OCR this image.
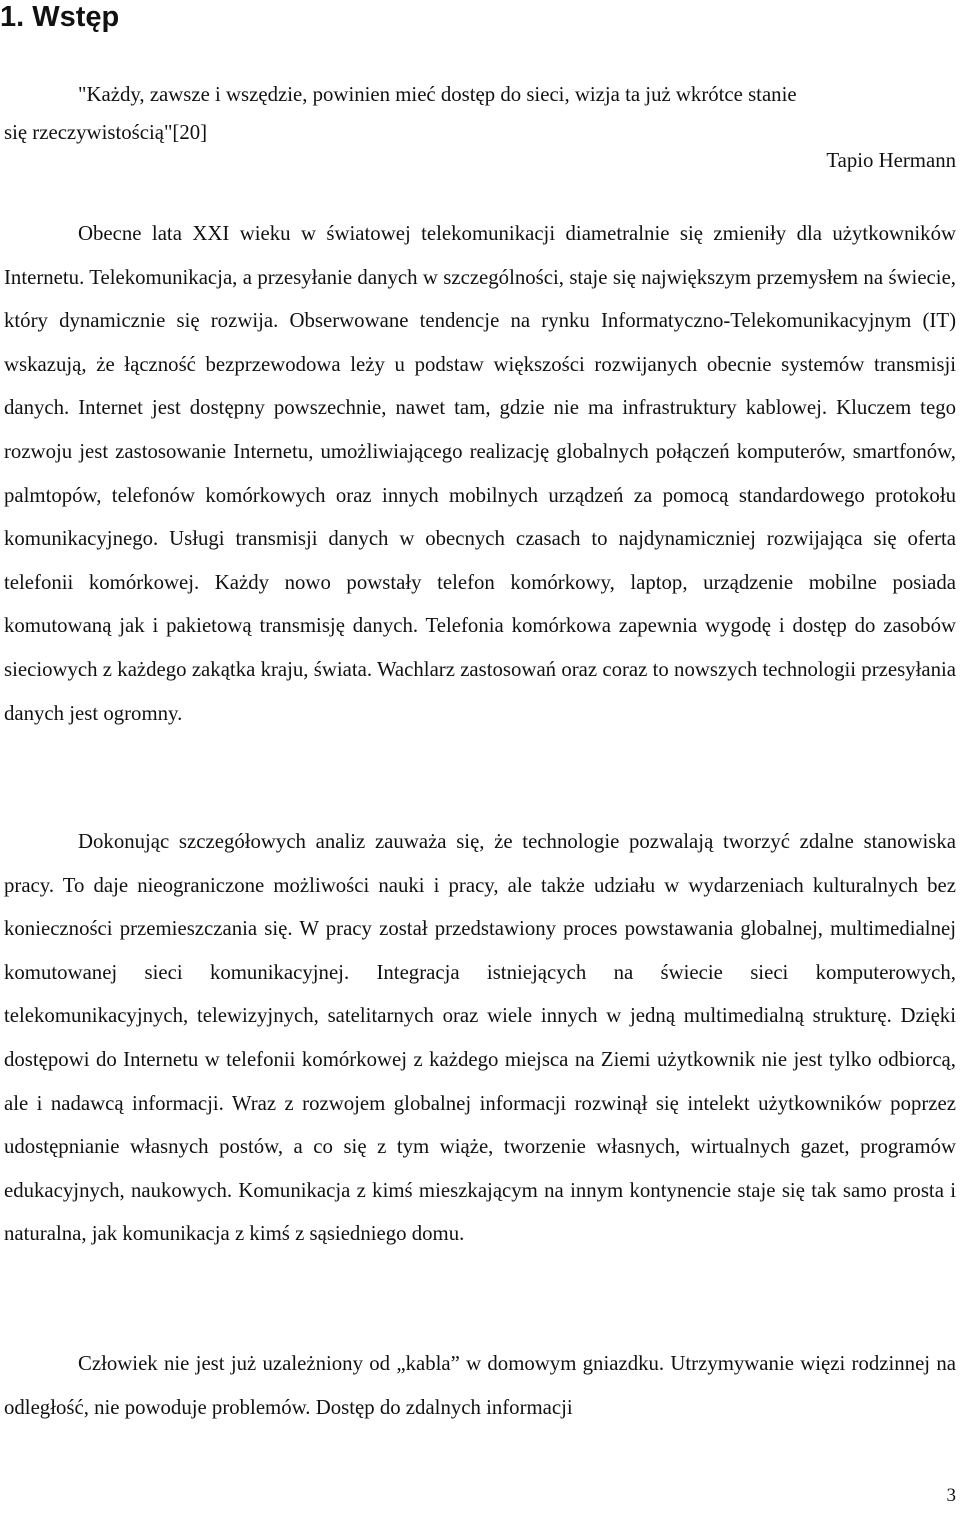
1. Wstęp

"Każdy, zawsze i wszędzie, powinien mieć dostęp do sieci, wizja ta już wkrótce stanie

się rzeczywistością"[20]

Tapio Hermann

Obecne lata XXI wieku w światowej telekomunikacji diametralnie się zmieniły dla użytkowników Internetu. Telekomunikacja, a przesyłanie danych w szczególności, staje się największym przemysłem na świecie, który dynamicznie się rozwija. Obserwowane tendencje na rynku Informatyczno-Telekomunikacyjnym (IT) wskazują, że łączność bezprzewodowa leży u podstaw większości rozwijanych obecnie systemów transmisji danych. Internet jest dostępny powszechnie, nawet tam, gdzie nie ma infrastruktury kablowej. Kluczem tego rozwoju jest zastosowanie Internetu, umożliwiającego realizację globalnych połączeń komputerów, smartfonów, palmtopów, telefonów komórkowych oraz innych mobilnych urządzeń za pomocą standardowego protokołu komunikacyjnego. Usługi transmisji danych w obecnych czasach to najdynamiczniej rozwijająca się oferta telefonii komórkowej. Każdy nowo powstały telefon komórkowy, laptop, urządzenie mobilne posiada komutowaną jak i pakietową transmisję danych. Telefonia komórkowa zapewnia wygodę i dostęp do zasobów sieciowych z każdego zakątka kraju, świata. Wachlarz zastosowań oraz coraz to nowszych technologii przesyłania danych jest ogromny.

Dokonując szczegółowych analiz zauważa się, że technologie pozwalają tworzyć zdalne stanowiska pracy. To daje nieograniczone możliwości nauki i pracy, ale także udziału w wydarzeniach kulturalnych bez konieczności przemieszczania się. W pracy został przedstawiony proces powstawania globalnej, multimedialnej komutowanej sieci komunikacyjnej. Integracja istniejących na świecie sieci komputerowych, telekomunikacyjnych, telewizyjnych, satelitarnych oraz wiele innych w jedną multimedialną strukturę. Dzięki dostępowi do Internetu w telefonii komórkowej z każdego miejsca na Ziemi użytkownik nie jest tylko odbiorcą, ale i nadawcą informacji. Wraz z rozwojem globalnej informacji rozwinął się intelekt użytkowników poprzez udostępnianie własnych postów, a co się z tym wiąże, tworzenie własnych, wirtualnych gazet, programów edukacyjnych, naukowych. Komunikacja z kimś mieszkającym na innym kontynencie staje się tak samo prosta i naturalna, jak komunikacja z kimś z sąsiedniego domu.

Człowiek nie jest już uzależniony od „kabla” w domowym gniazdku. Utrzymywanie więzi rodzinnej na odległość, nie powoduje problemów. Dostęp do zdalnych informacji

3
